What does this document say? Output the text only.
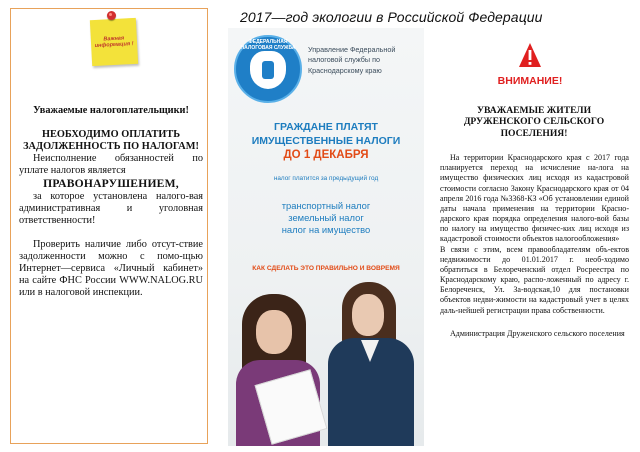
2017—год экологии в Российской Федерации
Важная информация !
Уважаемые налогоплательщики!
НЕОБХОДИМО ОПЛАТИТЬ ЗАДОЛЖЕННОСТЬ ПО НАЛОГАМ!
Неисполнение обязанностей по уплате налогов является
ПРАВОНАРУШЕНИЕМ,
за которое установлена налого-вая административная и уголовная ответственности!
Проверить наличие либо отсут-ствие задолженности можно с помо-щью Интернет—сервиса «Личный кабинет» на сайте ФНС России WWW.NALOG.RU или в налоговой инспекции.
ФЕДЕРАЛЬНАЯ НАЛОГОВАЯ СЛУЖБА	Управление Федеральной налоговой службы по Краснодарскому краю
ГРАЖДАНЕ ПЛАТЯТ
ИМУЩЕСТВЕННЫЕ НАЛОГИ
ДО 1 ДЕКАБРЯ
налог платится за предыдущий год
транспортный налог
земельный налог
налог на имущество
КАК СДЕЛАТЬ ЭТО ПРАВИЛЬНО И ВОВРЕМЯ
ВНИМАНИЕ!
УВАЖАЕМЫЕ ЖИТЕЛИ ДРУЖЕНСКОГО СЕЛЬСКОГО ПОСЕЛЕНИЯ!

На территории Краснодарского края с 2017 года планируется переход на исчисление на-лога на имущество физических лиц исходя из кадастровой стоимости согласно Закону Краснодарского края от 04 апреля 2016 года №3368-КЗ «Об установлении единой даты начала применения на территории Красно-дарского края порядка определения налого-вой базы по налогу на имущество физичес-ких лиц исходя из кадастровой стоимости объектов налогообложения»

В связи с этим, всем правообладателям объ-ектов недвижимости до 01.01.2017 г. необ-ходимо обратиться в Белореченский отдел Росреестра по Краснодарскому краю, распо-ложенный по адресу г. Белореченск, Ул. За-водская,10 для постановки объектов недви-жимости на кадастровый учет в целях даль-нейшей регистрации права собственности.

Администрация Друженского сельского поселения
